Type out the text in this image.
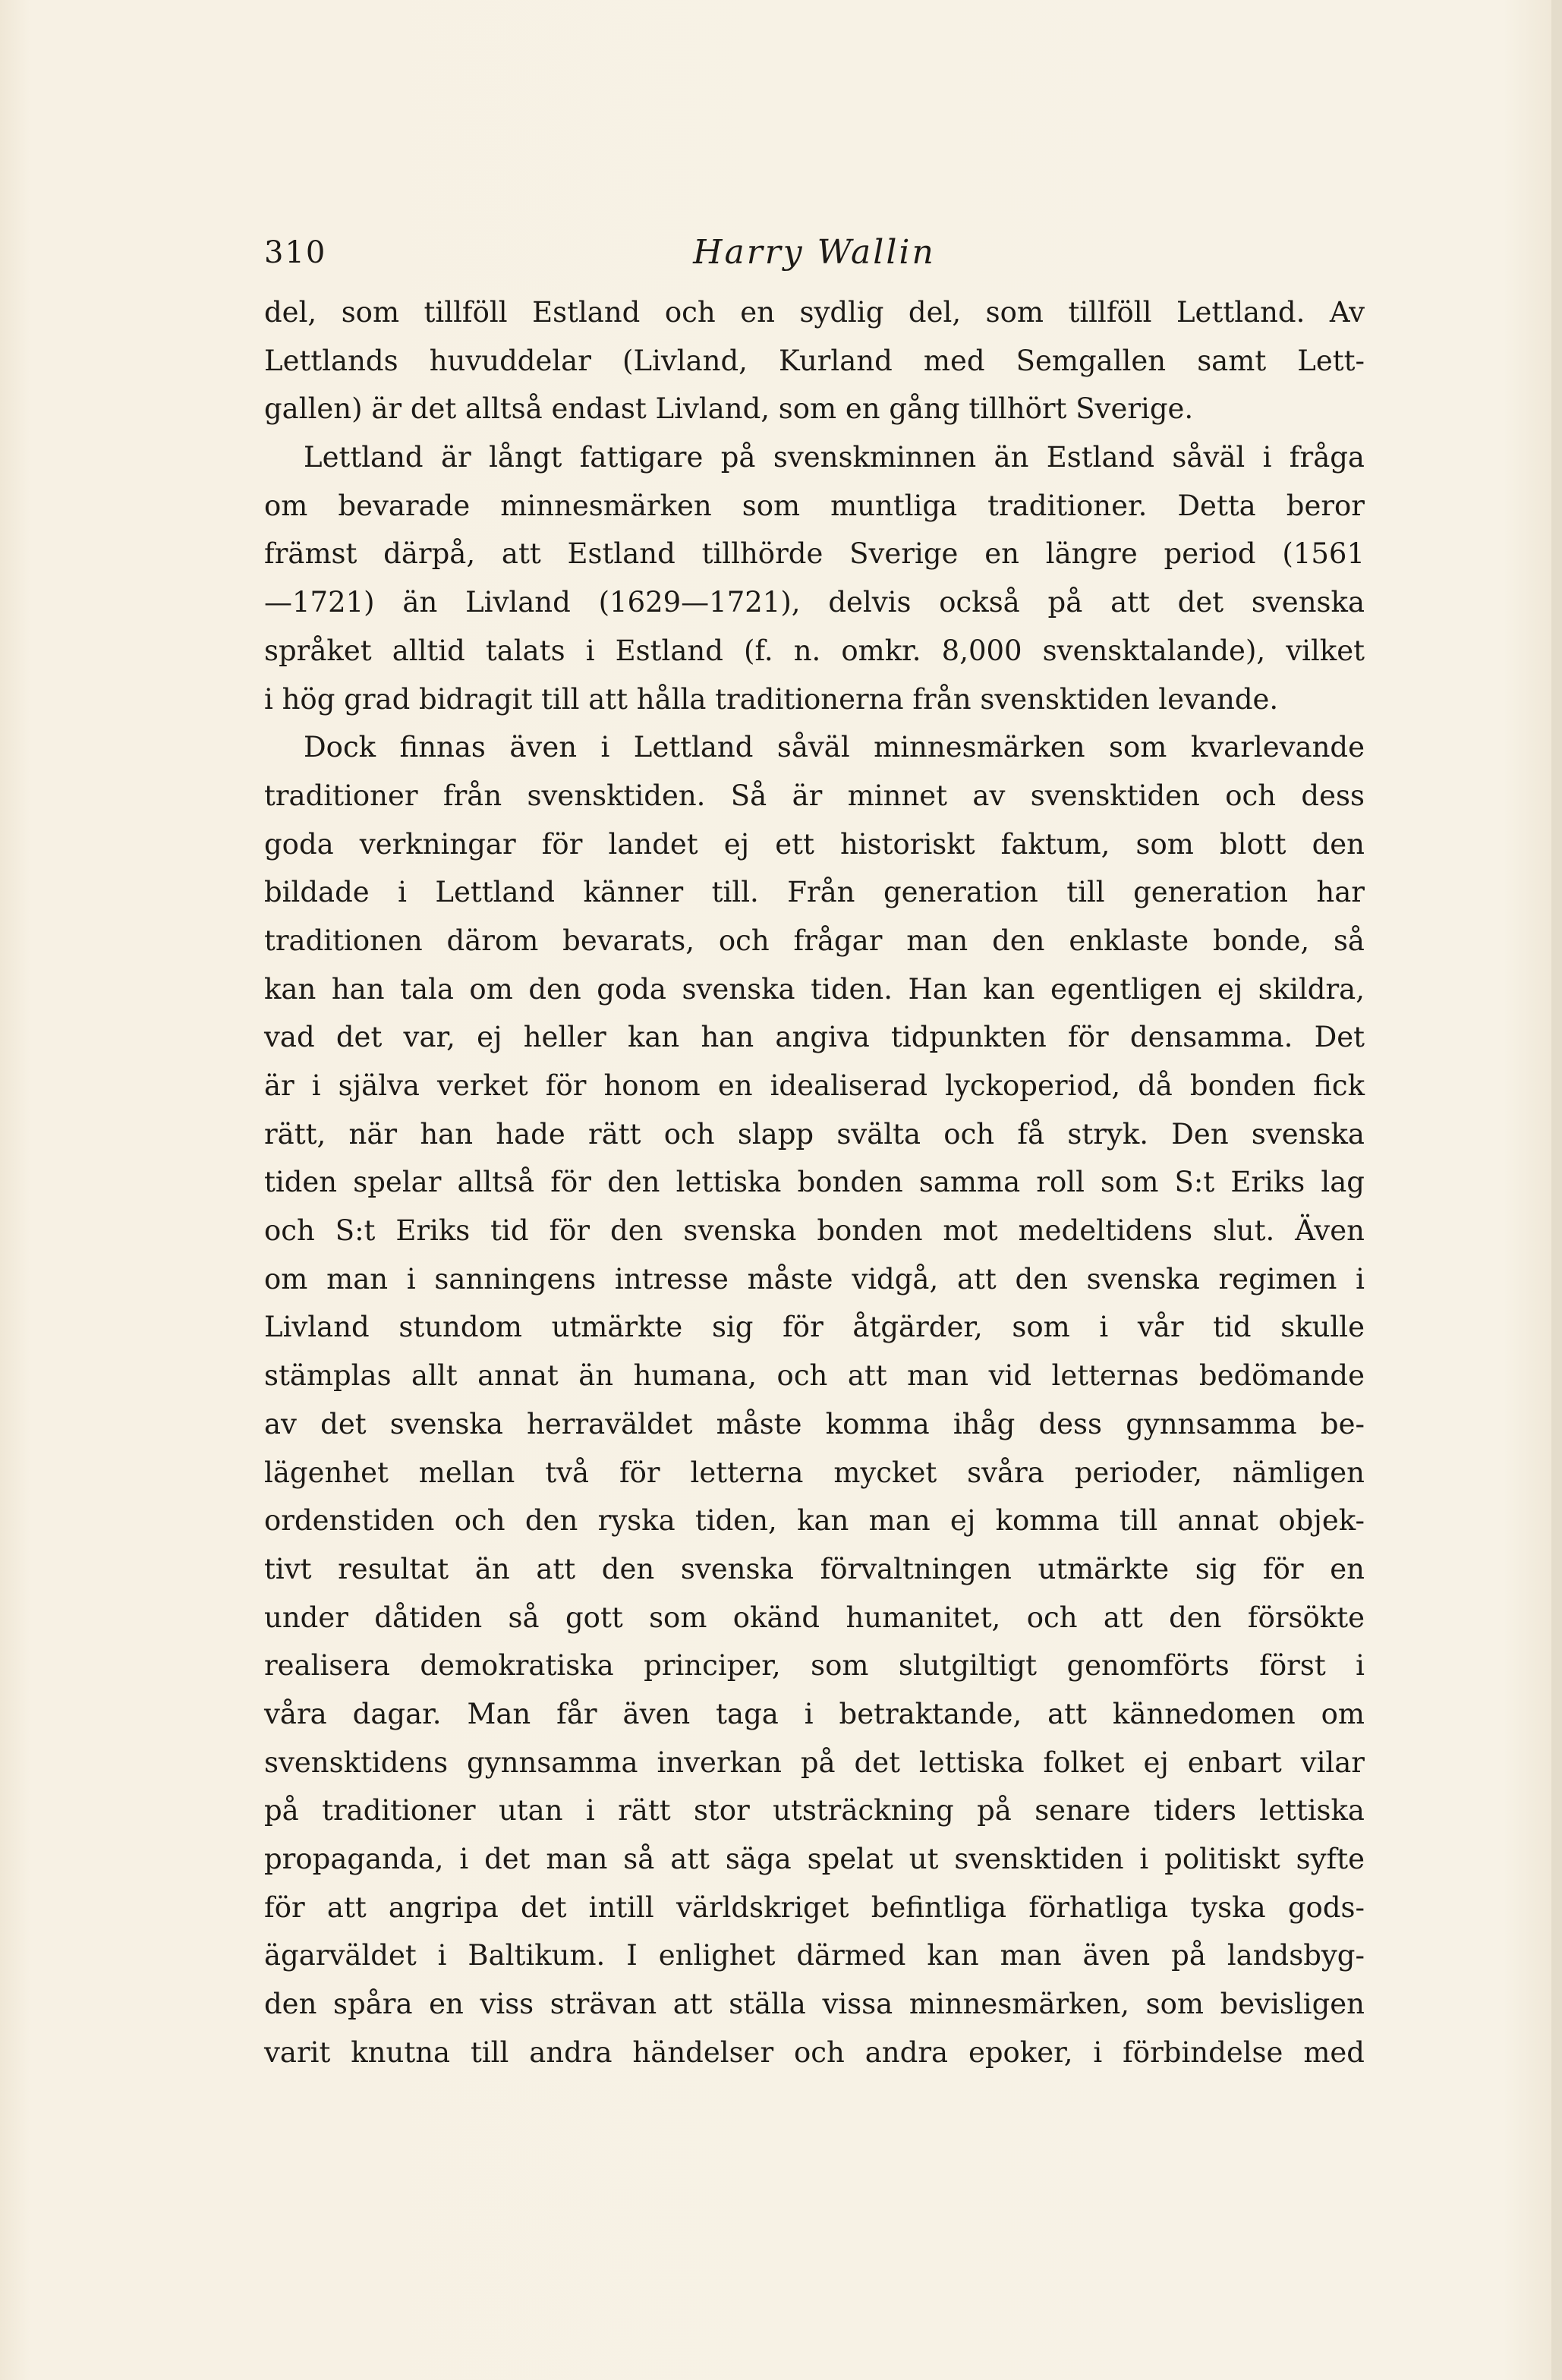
310	Harry Wallin
del, som tillföll Estland och en sydlig del, som tillföll Lettland. Av
Lettlands huvuddelar (Livland, Kurland med Semgallen samt Lett-
gallen) är det alltså endast Livland, som en gång tillhört Sverige.
Lettland är långt fattigare på svenskminnen än Estland såväl i fråga
om bevarade minnesmärken som muntliga traditioner. Detta beror
främst därpå, att Estland tillhörde Sverige en längre period (1561
—1721) än Livland (1629—1721), delvis också på att det svenska
språket alltid talats i Estland (f. n. omkr. 8,000 svensktalande), vilket
i hög grad bidragit till att hålla traditionerna från svensktiden levande.
Dock finnas även i Lettland såväl minnesmärken som kvarlevande
traditioner från svensktiden. Så är minnet av svensktiden och dess
goda verkningar för landet ej ett historiskt faktum, som blott den
bildade i Lettland känner till. Från generation till generation har
traditionen därom bevarats, och frågar man den enklaste bonde, så
kan han tala om den goda svenska tiden. Han kan egentligen ej skildra,
vad det var, ej heller kan han angiva tidpunkten för densamma. Det
är i själva verket för honom en idealiserad lyckoperiod, då bonden fick
rätt, när han hade rätt och slapp svälta och få stryk. Den svenska
tiden spelar alltså för den lettiska bonden samma roll som S:t Eriks lag
och S:t Eriks tid för den svenska bonden mot medeltidens slut. Även
om man i sanningens intresse måste vidgå, att den svenska regimen i
Livland stundom utmärkte sig för åtgärder, som i vår tid skulle
stämplas allt annat än humana, och att man vid letternas bedömande
av det svenska herraväldet måste komma ihåg dess gynnsamma be-
lägenhet mellan två för letterna mycket svåra perioder, nämligen
ordenstiden och den ryska tiden, kan man ej komma till annat objek-
tivt resultat än att den svenska förvaltningen utmärkte sig för en
under dåtiden så gott som okänd humanitet, och att den försökte
realisera demokratiska principer, som slutgiltigt genomförts först i
våra dagar. Man får även taga i betraktande, att kännedomen om
svensktidens gynnsamma inverkan på det lettiska folket ej enbart vilar
på traditioner utan i rätt stor utsträckning på senare tiders lettiska
propaganda, i det man så att säga spelat ut svensktiden i politiskt syfte
för att angripa det intill världskriget befintliga förhatliga tyska gods-
ägarväldet i Baltikum. I enlighet därmed kan man även på landsbyg-
den spåra en viss strävan att ställa vissa minnesmärken, som bevisligen
varit knutna till andra händelser och andra epoker, i förbindelse med
